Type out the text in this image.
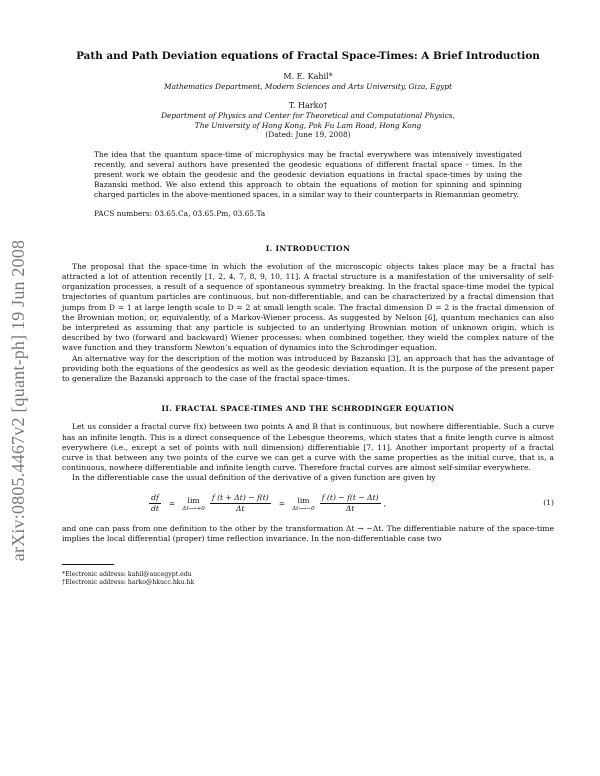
arXiv:0805.4467v2 [quant-ph] 19 Jun 2008
Path and Path Deviation equations of Fractal Space-Times: A Brief Introduction
M. E. Kahil*
Mathematics Department, Modern Sciences and Arts University, Giza, Egypt
T. Harko†
Department of Physics and Center for Theoretical and Computational Physics,
The University of Hong Kong, Pok Fu Lam Road, Hong Kong
(Dated: June 19, 2008)
The idea that the quantum space-time of microphysics may be fractal everywhere was intensively investigated recently, and several authors have presented the geodesic equations of different fractal space - times. In the present work we obtain the geodesic and the geodesic deviation equations in fractal space-times by using the Bazanski method. We also extend this approach to obtain the equations of motion for spinning and spinning charged particles in the above-mentioned spaces, in a similar way to their counterparts in Riemannian geometry.
PACS numbers: 03.65.Ca, 03.65.Pm, 03.65.Ta
I. INTRODUCTION

The proposal that the space-time in which the evolution of the microscopic objects takes place may be a fractal has attracted a lot of attention recently [1, 2, 4, 7, 8, 9, 10, 11]. A fractal structure is a manifestation of the universality of self-organization processes, a result of a sequence of spontaneous symmetry breaking. In the fractal space-time model the typical trajectories of quantum particles are continuous, but non-differentiable, and can be characterized by a fractal dimension that jumps from D = 1 at large length scale to D = 2 at small length scale. The fractal dimension D = 2 is the fractal dimension of the Brownian motion, or, equivalently, of a Markov-Wiener process. As suggested by Nelson [6], quantum mechanics can also be interpreted as assuming that any particle is subjected to an underlying Brownian motion of unknown origin, which is described by two (forward and backward) Wiener processes: when combined together, they wield the complex nature of the wave function and they transform Newton’s equation of dynamics into the Schrodinger equation.

An alternative way for the description of the motion was introduced by Bazanski [3], an approach that has the advantage of providing both the equations of the geodesics as well as the geodesic deviation equation. It is the purpose of the present paper to generalize the Bazanski approach to the case of the fractal space-times.

II. FRACTAL SPACE-TIMES AND THE SCHRODINGER EQUATION

Let us consider a fractal curve f(x) between two points A and B that is continuous, but nowhere differentiable. Such a curve has an infinite length. This is a direct consequence of the Lebesgue theorems, which states that a finite length curve is almost everywhere (i.e., except a set of points with null dimension) differentiable [7, 11]. Another important property of a fractal curve is that between any two points of the curve we can get a curve with the same properties as the initial curve, that is, a continuous, nowhere differentiable and infinite length curve. Therefore fractal curves are almost self-similar everywhere.

In the differentiable case the usual definition of the derivative of a given function are given by

$\frac{df}{dt} = \lim$
Δt⟶+0 $\frac{f (t + \Delta t) - f(t)}{\Delta t} = \lim$
Δt⟶−0 $\frac{f (t) - f(t - \Delta t)}{\Delta t}$ ,	(1)

and one can pass from one definition to the other by the transformation Δt → −Δt. The differentiable nature of the space-time implies the local differential (proper) time reflection invariance. In the non-differentiable case two

*Electronic address: kahil@aucegypt.edu
†Electronic address: harko@hkucc.hku.hk
